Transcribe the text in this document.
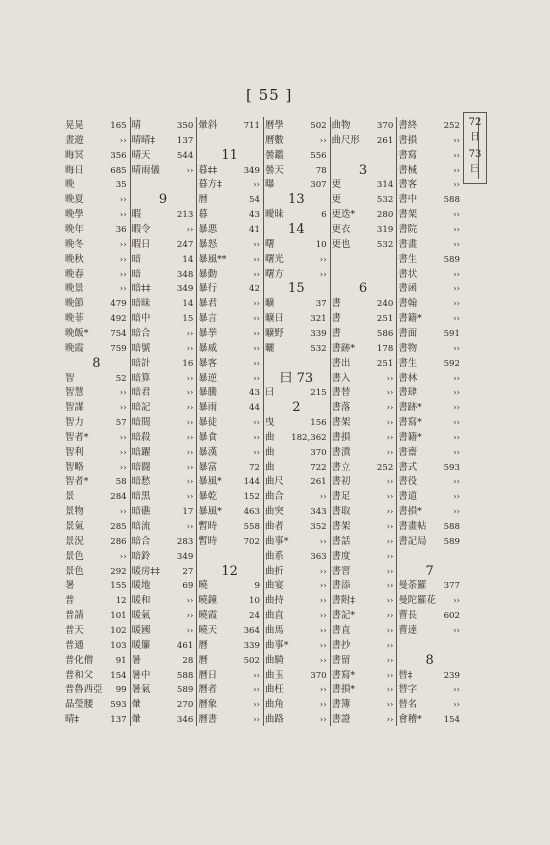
[ 55 ]
晃晃	165
晝遊	››
晦冥	356
晦日	685
晩	35
晩夏	››
晩學	››
晩年	36
晩冬	››
晩秋	››
晩春	››
晩景	››
晩節	479
晩菲	492
晩飯*	754
晩霞	759
8
智	52
智慧	››
智謀	››
智力	57
智者*	››
智利	››
智略	››
智者*	58
景	284
景物	››
景氣	285
景況	286
景色	››
景色	292
暑	155
普	12
普請	101
普天	102
普通	103
普化僧	91
普和父 154
普魯西亞 99
晶瑩腰 593
晴‡	137
晴	350
晴晴‡	137
晴天	544
晴雨儀	››
9
暇	213
暇令	››
暇日	247
暗	14
暗	348
暗‡‡	349
暗昧	14
暗中	15
暗合	››
暗號	››
暗計	16
暗算	››
暗君	››
暗記	››
暗間	››
暗殺	››
暗躍	››
暗闘	››
暗愁	››
暗黒	››
暗礁	17
暗流	››
暗合	283
暗鈴	349
暖房‡‡	27
暖地	69
暖和	››
暖氣	››
暖國	››
暖簾	461
暑	28
暑中	588
暑氣	589
暈	270
暈	346
暈斜	711
11
暮‡‡	349
暮方‡	››
暦	54
暮	43
暴悪	41
暴怒	››
暴風**	››
暴動	››
暴行	42
暴君	››
暴言	››
暴挙	››
暴威	››
暴客	››
暴逆	››
暴騰	43
暴雨	44
暴徒	››
暴食	››
暴漢	››
暴富	72
暴風*	144
暴乾	152
暴風*	463
暫時	558
暫時	702
12
曉	9
曉鐘	10
曉霞	24
曉天	364
曆	339
曆	502
曆日	››
曆者	››
曆象	››
曆書	››
曆學	502
曆數	››
曇鑑	556
曇天	78
曝	307
13
曖昧	6
14
曙	10
曙光	››
曙方	››
15
曠	37
曠日	321
曠野	339
曬	532
曰 73
曰	215
2
曳	156
曲 182,362
曲	370
曲	722
曲尺	261
曲合	››
曲突	343
曲者	352
曲事*	››
曲系	363
曲折	››
曲宴	››
曲持	››
曲直	››
曲馬	››
曲事*	››
曲騎	››
曲玉	370
曲枉	››
曲角	››
曲路	››
曲物	370
曲尺形 261
3
更	314
更	532
更迭*	280
更衣	319
更也	532
6
書	240
書	251
書	586
書跡*	178
書出	251
書入	››
書替	››
書落	››
書架	››
書損	››
書潰	››
書立	252
書初	››
書足	››
書取	››
書架	››
書話	››
書度	››
書習	››
書添	››
書附‡	››
書記*	››
書直	››
書抄	››
書留	››
書寫*	››
書損*	››
書簿	››
書證	››
書終	252
書損	››
書寫	››
書械	››
書客	››
書中	588
書架	››
書院	››
書畫	››
書生	589
書状	››
書函	››
書翰	››
書籍*	››
書面	591
書物	››
書生	592
書林	››
書肆	››
書跡*	››
書寫*	››
書籍*	››
書齋	››
書式	593
書役	››
書道	››
書損*	››
書畫帖 588
書記局 589
7
曼荼羅 377
曼陀羅花 ››
曹長	602
曹達	››
8
替‡	239
替字	››
替名	››
會稽*	154
72
日
73
曰
